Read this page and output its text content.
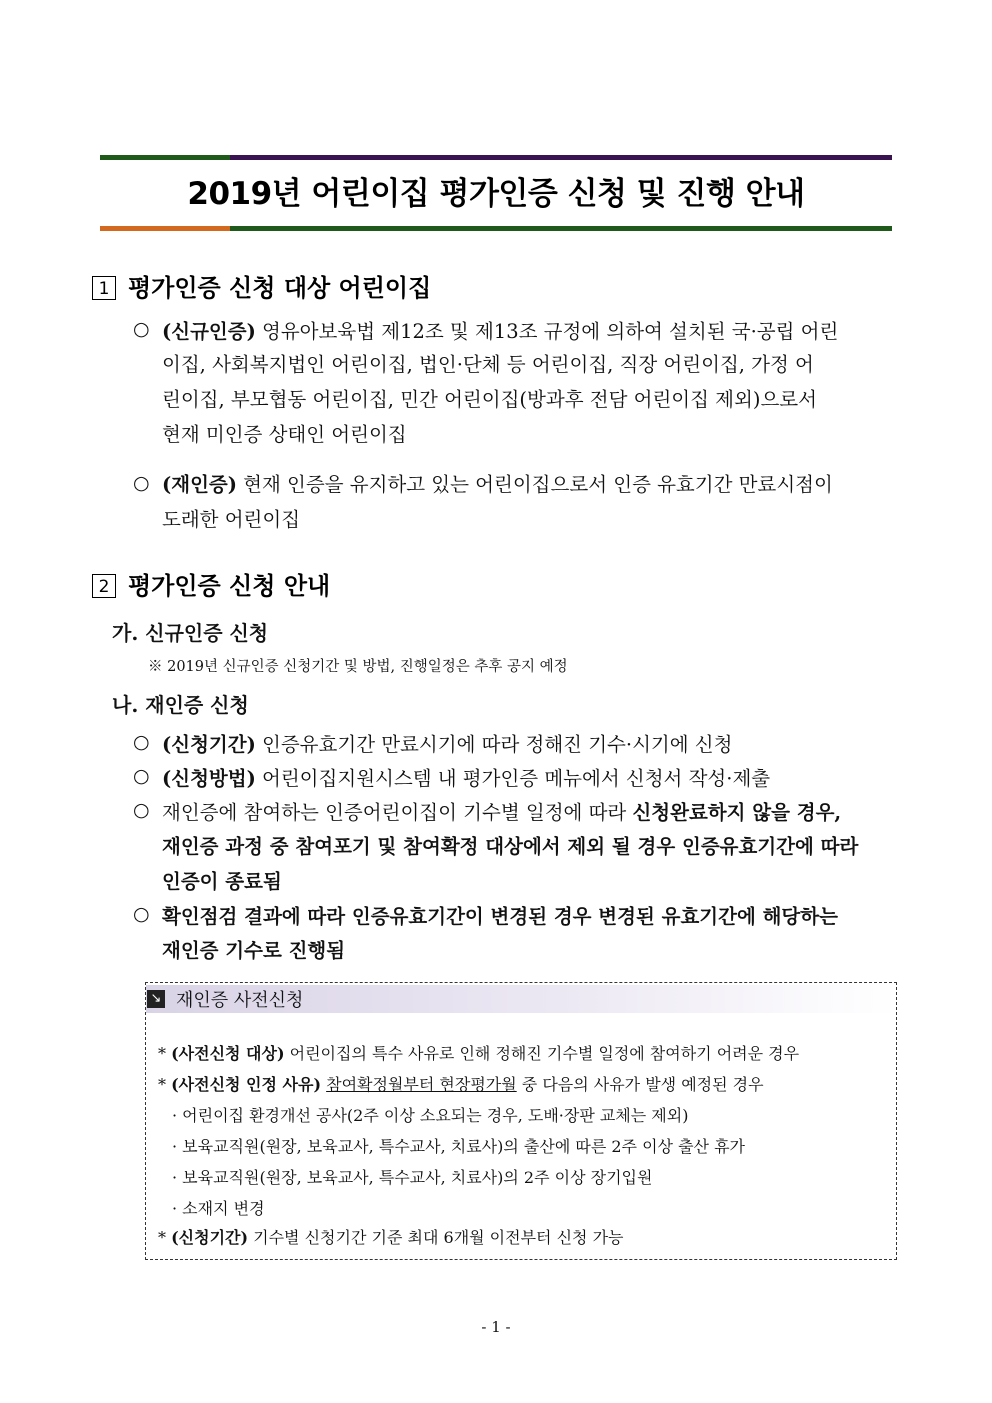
2019년 어린이집 평가인증 신청 및 진행 안내
1 평가인증 신청 대상 어린이집
○ (신규인증) 영유아보육법 제12조 및 제13조 규정에 의하여 설치된 국·공립 어린
이집, 사회복지법인 어린이집, 법인·단체 등 어린이집, 직장 어린이집, 가정 어
린이집, 부모협동 어린이집, 민간 어린이집(방과후 전담 어린이집 제외)으로서
현재 미인증 상태인 어린이집
○ (재인증) 현재 인증을 유지하고 있는 어린이집으로서 인증 유효기간 만료시점이
도래한 어린이집
2 평가인증 신청 안내
가. 신규인증 신청
※ 2019년 신규인증 신청기간 및 방법, 진행일정은 추후 공지 예정
나. 재인증 신청
○ (신청기간) 인증유효기간 만료시기에 따라 정해진 기수·시기에 신청
○ (신청방법) 어린이집지원시스템 내 평가인증 메뉴에서 신청서 작성·제출
○ 재인증에 참여하는 인증어린이집이 기수별 일정에 따라 신청완료하지 않을 경우,
재인증 과정 중 참여포기 및 참여확정 대상에서 제외 될 경우 인증유효기간에 따라
인증이 종료됨
○ 확인점검 결과에 따라 인증유효기간이 변경된 경우 변경된 유효기간에 해당하는
재인증 기수로 진행됨
↘ 재인증 사전신청
* (사전신청 대상) 어린이집의 특수 사유로 인해 정해진 기수별 일정에 참여하기 어려운 경우
* (사전신청 인정 사유) 참여확정월부터 현장평가월 중 다음의 사유가 발생 예정된 경우
· 어린이집 환경개선 공사(2주 이상 소요되는 경우, 도배·장판 교체는 제외)
· 보육교직원(원장, 보육교사, 특수교사, 치료사)의 출산에 따른 2주 이상 출산 휴가
· 보육교직원(원장, 보육교사, 특수교사, 치료사)의 2주 이상 장기입원
· 소재지 변경
* (신청기간) 기수별 신청기간 기준 최대 6개월 이전부터 신청 가능
- 1 -
